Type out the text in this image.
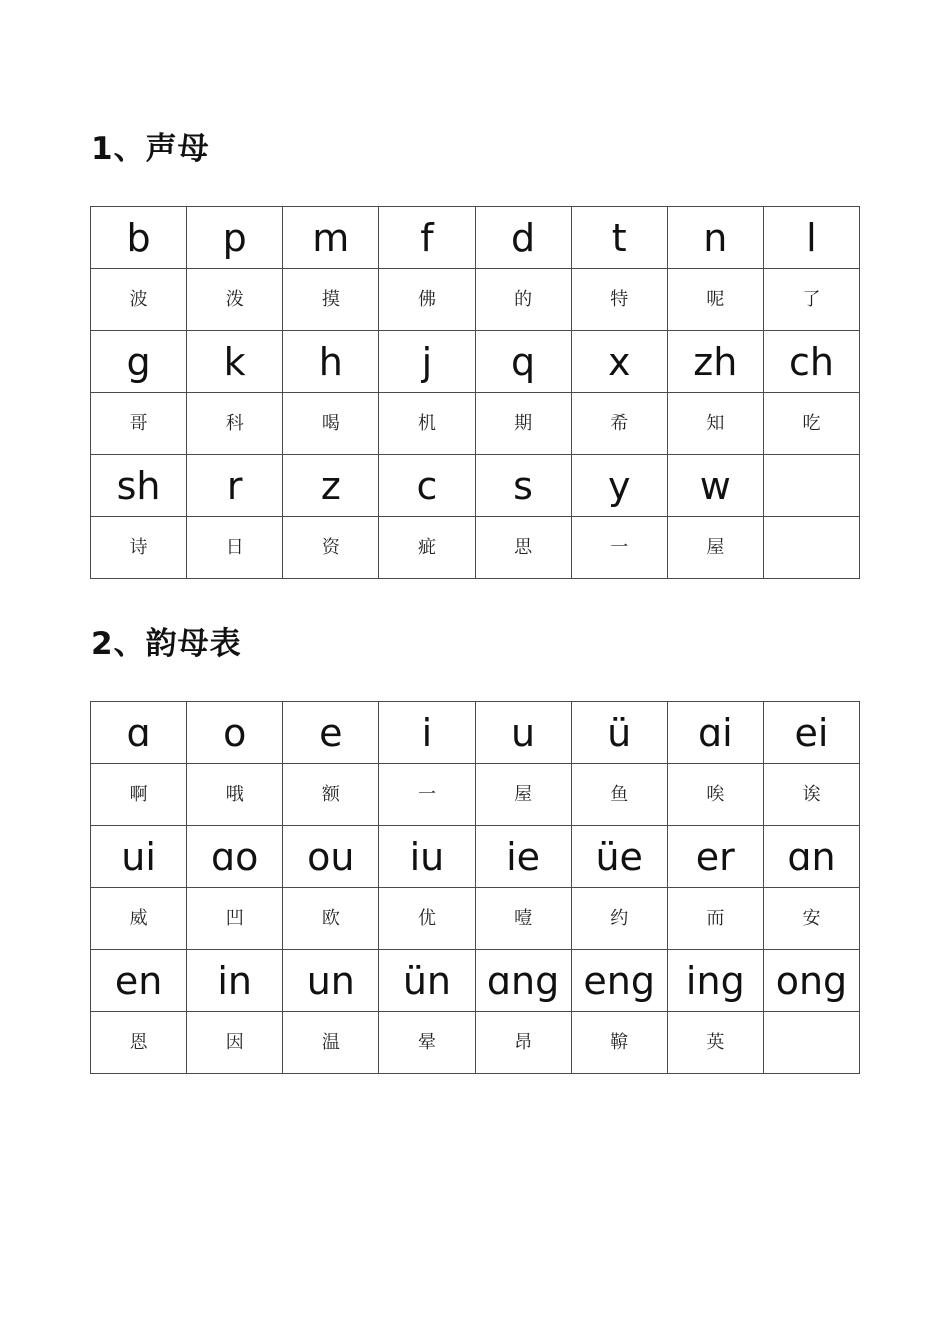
1、声母
b	p	m	f	d	t	n	l
波	泼	摸	佛	的	特	呢	了
g	k	h	j	q	x	zh	ch
哥	科	喝	机	期	希	知	吃
sh	r	z	c	s	y	w	
诗	日	资	疵	思	一	屋	
2、韵母表
ɑ	o	e	i	u	ü	ɑi	ei
啊	哦	额	一	屋	鱼	唉	诶
ui	ɑo	ou	iu	ie	üe	er	ɑn
威	凹	欧	优	噎	约	而	安
en	in	un	ün	ɑng	eng	ing	ong
恩	因	温	晕	昂	鞥	英	
